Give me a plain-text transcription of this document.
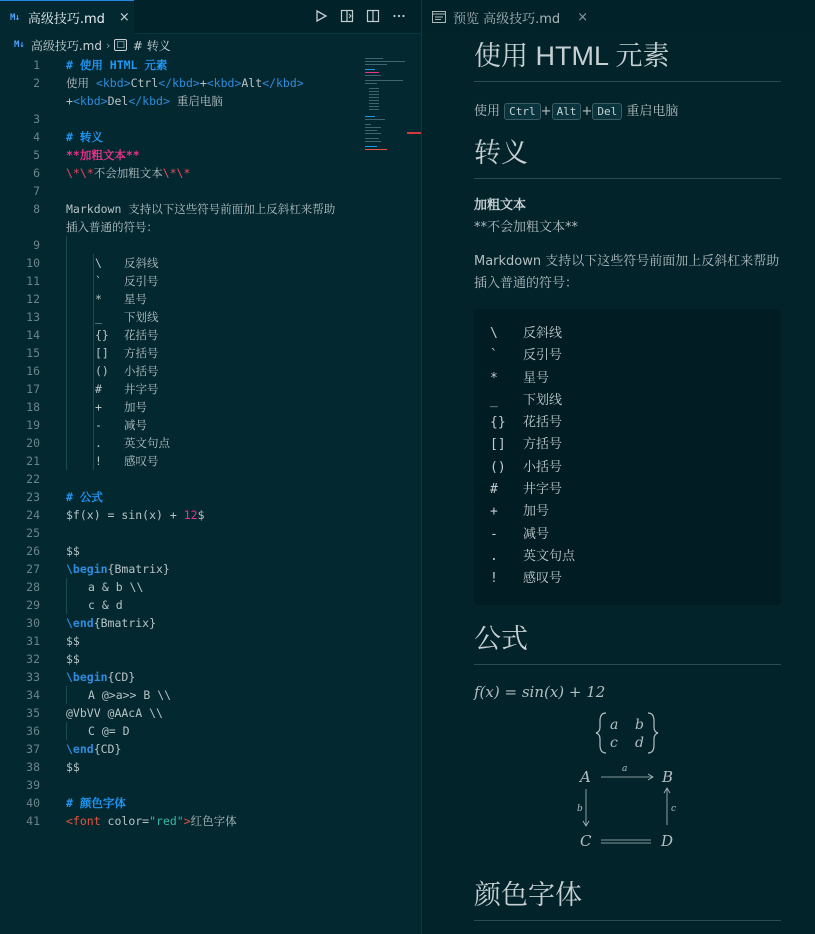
M↓ 高级技巧.md ×
M↓ 高级技巧.md › □ # 转义
1 # 使用 HTML 元素
2 使用 <kbd>Ctrl</kbd>+<kbd>Alt</kbd>
+<kbd>Del</kbd> 重启电脑
3
4 # 转义
5 **加粗文本**
6 \*\*不会加粗文本\*\*
7
8 Markdown 支持以下这些符号前面加上反斜杠来帮助
插入普通的符号：
9
10	\ 反斜线
11	` 反引号
12	* 星号
13	_ 下划线
14	{} 花括号
15	[] 方括号
16	() 小括号
17	# 井字号
18	+ 加号
19	- 减号
20	. 英文句点
21	! 感叹号
22
23 # 公式
24 $f(x) = sin(x) + 12$
25
26 $$
27 \begin{Bmatrix}
28	a & b \\
29	c & d
30 \end{Bmatrix}
31 $$
32 $$
33 \begin{CD}
34	A @>a>> B \\
35 @VbVV @AAcA \\
36	C @= D
37 \end{CD}
38 $$
39
40 # 颜色字体
41 <font color="red">红色字体
预览 高级技巧.md ×
使用 HTML 元素
使用 Ctrl + Alt + Del 重启电脑
转义
加粗文本
**不会加粗文本**
Markdown 支持以下这些符号前面加上反斜杠来帮助插入普通的符号：
\ 反斜线
` 反引号
* 星号
_ 下划线
{} 花括号
[] 方括号
() 小括号
# 井字号
+ 加号
- 减号
. 英文句点
! 感叹号
公式
f(x) = sin(x) + 12
a b
c d
A	B
C	D
a
b	c
颜色字体
